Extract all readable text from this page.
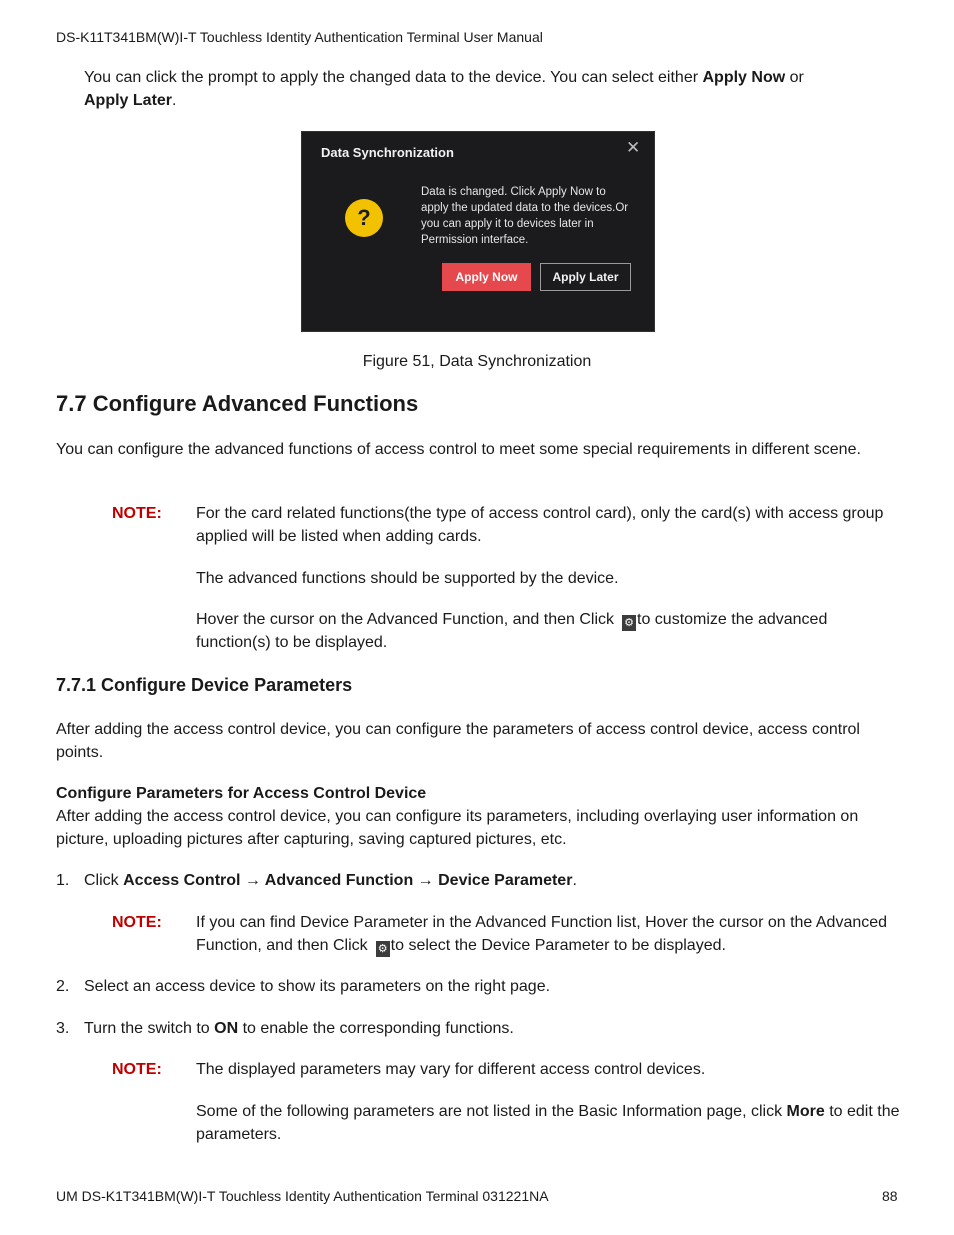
DS-K11T341BM(W)I-T Touchless Identity Authentication Terminal User Manual
You can click the prompt to apply the changed data to the device. You can select either Apply Now or
Apply Later.
Data Synchronization	✕
?
Data is changed. Click Apply Now to apply the updated data to the devices.Or you can apply it to devices later in Permission interface.
Apply Now	Apply Later
Figure 51, Data Synchronization
7.7 Configure Advanced Functions
You can configure the advanced functions of access control to meet some special requirements in different scene.
NOTE: For the card related functions(the type of access control card), only the card(s) with access group applied will be listed when adding cards.
The advanced functions should be supported by the device.
Hover the cursor on the Advanced Function, and then Click ⚙ to customize the advanced function(s) to be displayed.
7.7.1 Configure Device Parameters
After adding the access control device, you can configure the parameters of access control device, access control points.
Configure Parameters for Access Control Device
After adding the access control device, you can configure its parameters, including overlaying user information on picture, uploading pictures after capturing, saving captured pictures, etc.
1. Click Access Control → Advanced Function → Device Parameter.
NOTE: If you can find Device Parameter in the Advanced Function list, Hover the cursor on the Advanced Function, and then Click ⚙ to select the Device Parameter to be displayed.
2. Select an access device to show its parameters on the right page.
3. Turn the switch to ON to enable the corresponding functions.
NOTE: The displayed parameters may vary for different access control devices.
Some of the following parameters are not listed in the Basic Information page, click More to edit the parameters.
UM DS-K1T341BM(W)I-T Touchless Identity Authentication Terminal 031221NA	88
